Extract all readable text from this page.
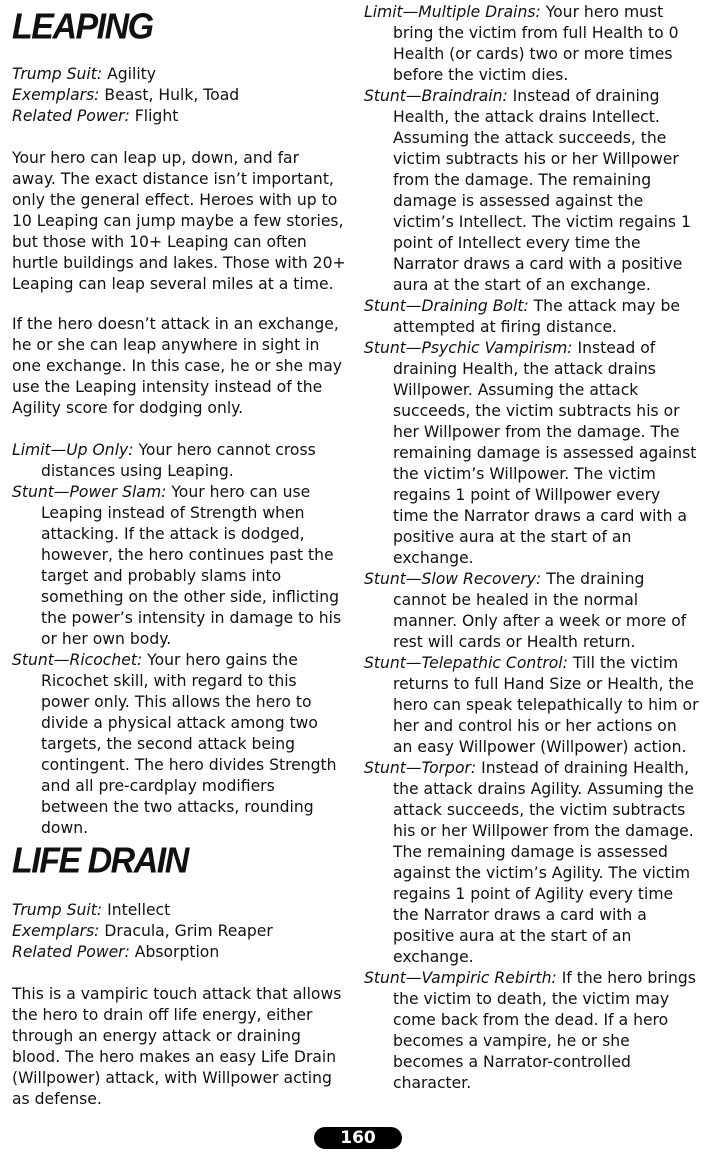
LEAPING
Trump Suit: Agility
Exemplars: Beast, Hulk, Toad
Related Power: Flight

Your hero can leap up, down, and far away. The exact distance isn’t important, only the general effect. Heroes with up to 10 Leaping can jump maybe a few stories, but those with 10+ Leaping can often hurtle buildings and lakes. Those with 20+ Leaping can leap several miles at a time.

If the hero doesn’t attack in an exchange, he or she can leap anywhere in sight in one exchange. In this case, he or she may use the Leaping intensity instead of the Agility score for dodging only.

Limit—Up Only: Your hero cannot cross distances using Leaping.
Stunt—Power Slam: Your hero can use Leaping instead of Strength when attacking. If the attack is dodged, however, the hero continues past the target and probably slams into something on the other side, inflicting the power’s intensity in damage to his or her own body.
Stunt—Ricochet: Your hero gains the Ricochet skill, with regard to this power only. This allows the hero to divide a physical attack among two targets, the second attack being contingent. The hero divides Strength and all pre-cardplay modifiers between the two attacks, rounding down.
LIFE DRAIN
Trump Suit: Intellect
Exemplars: Dracula, Grim Reaper
Related Power: Absorption

This is a vampiric touch attack that allows the hero to drain off life energy, either through an energy attack or draining blood. The hero makes an easy Life Drain (Willpower) attack, with Willpower acting as defense.

Limit—Multiple Drains: Your hero must bring the victim from full Health to 0 Health (or cards) two or more times before the victim dies.
Stunt—Braindrain: Instead of draining Health, the attack drains Intellect. Assuming the attack succeeds, the victim subtracts his or her Willpower from the damage. The remaining damage is assessed against the victim’s Intellect. The victim regains 1 point of Intellect every time the Narrator draws a card with a positive aura at the start of an exchange.
Stunt—Draining Bolt: The attack may be attempted at firing distance.
Stunt—Psychic Vampirism: Instead of draining Health, the attack drains Willpower. Assuming the attack succeeds, the victim subtracts his or her Willpower from the damage. The remaining damage is assessed against the victim’s Willpower. The victim regains 1 point of Willpower every time the Narrator draws a card with a positive aura at the start of an exchange.
Stunt—Slow Recovery: The draining cannot be healed in the normal manner. Only after a week or more of rest will cards or Health return.
Stunt—Telepathic Control: Till the victim returns to full Hand Size or Health, the hero can speak telepathically to him or her and control his or her actions on an easy Willpower (Willpower) action.
Stunt—Torpor: Instead of draining Health, the attack drains Agility. Assuming the attack succeeds, the victim subtracts his or her Willpower from the damage. The remaining damage is assessed against the victim’s Agility. The victim regains 1 point of Agility every time the Narrator draws a card with a positive aura at the start of an exchange.
Stunt—Vampiric Rebirth: If the hero brings the victim to death, the victim may come back from the dead. If a hero becomes a vampire, he or she becomes a Narrator-controlled character.
160
